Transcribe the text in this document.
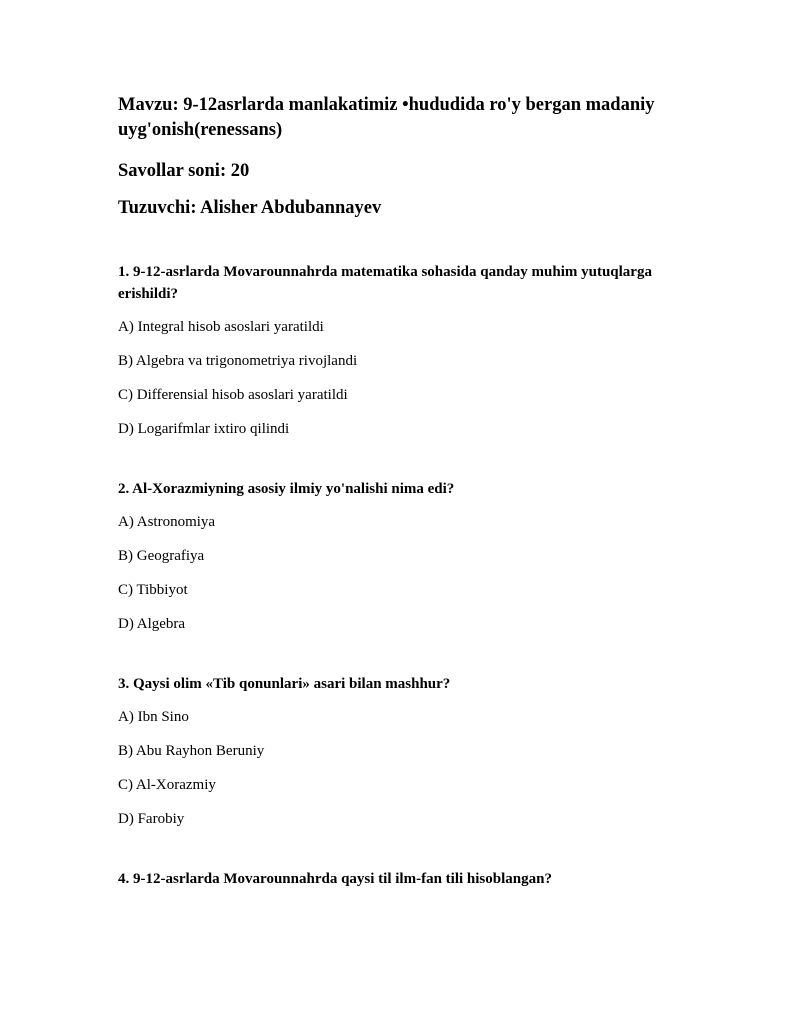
Mavzu: 9-12asrlarda manlakatimiz •hududida ro'y bergan madaniy uyg'onish(renessans)
Savollar soni: 20
Tuzuvchi: Alisher Abdubannayev
1. 9-12-asrlarda Movarounnahrda matematika sohasida qanday muhim yutuqlarga erishildi?
A) Integral hisob asoslari yaratildi
B) Algebra va trigonometriya rivojlandi
C) Differensial hisob asoslari yaratildi
D) Logarifmlar ixtiro qilindi
2. Al-Xorazmiyning asosiy ilmiy yo'nalishi nima edi?
A) Astronomiya
B) Geografiya
C) Tibbiyot
D) Algebra
3. Qaysi olim «Tib qonunlari» asari bilan mashhur?
A) Ibn Sino
B) Abu Rayhon Beruniy
C) Al-Xorazmiy
D) Farobiy
4. 9-12-asrlarda Movarounnahrda qaysi til ilm-fan tili hisoblangan?
